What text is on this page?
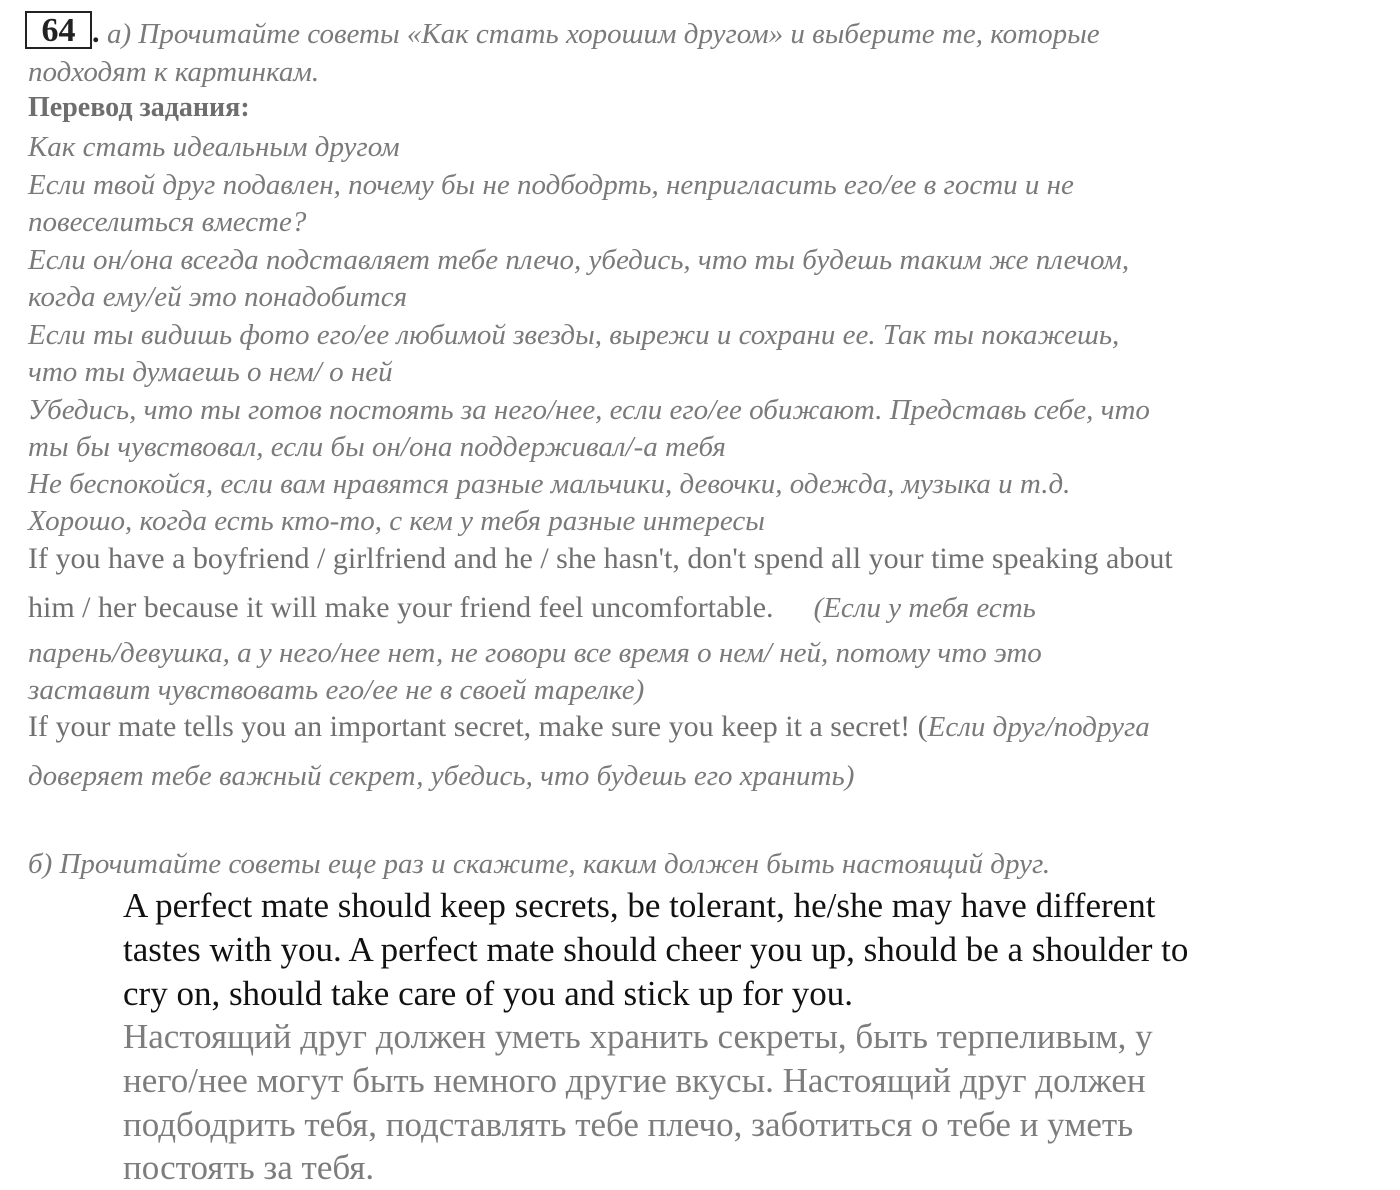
64 . а) Прочитайте советы «Как стать хорошим другом» и выберите те, которые
подходят к картинкам.
Перевод задания:
Как стать идеальным другом
Если твой друг подавлен, почему бы не подбодрть, непригласить его/ее в гости и не
повеселиться вместе?
Если он/она всегда подставляет тебе плечо, убедись, что ты будешь таким же плечом,
когда ему/ей это понадобится
Если ты видишь фото его/ее любимой звезды, вырежи и сохрани ее. Так ты покажешь,
что ты думаешь о нем/ о ней
Убедись, что ты готов постоять за него/нее, если его/ее обижают. Представь себе, что
ты бы чувствовал, если бы он/она поддерживал/-а тебя
Не беспокойся, если вам нравятся разные мальчики, девочки, одежда, музыка и т.д.
Хорошо, когда есть кто-то, с кем у тебя разные интересы
If you have a boyfriend / girlfriend and he / she hasn't, don't spend all your time speaking about
him / her because it will make your friend feel uncomfortable. (Если у тебя есть
парень/девушка, а у него/нее нет, не говори все время о нем/ ней, потому что это
заставит чувствовать его/ее не в своей тарелке)
If your mate tells you an important secret, make sure you keep it a secret! (Если друг/подруга
доверяет тебе важный секрет, убедись, что будешь его хранить)
б) Прочитайте советы еще раз и скажите, каким должен быть настоящий друг.
A perfect mate should keep secrets, be tolerant, he/she may have different
tastes with you. A perfect mate should cheer you up, should be a shoulder to
cry on, should take care of you and stick up for you.
Настоящий друг должен уметь хранить секреты, быть терпеливым, у
него/нее могут быть немного другие вкусы. Настоящий друг должен
подбодрить тебя, подставлять тебе плечо, заботиться о тебе и уметь
постоять за тебя.
